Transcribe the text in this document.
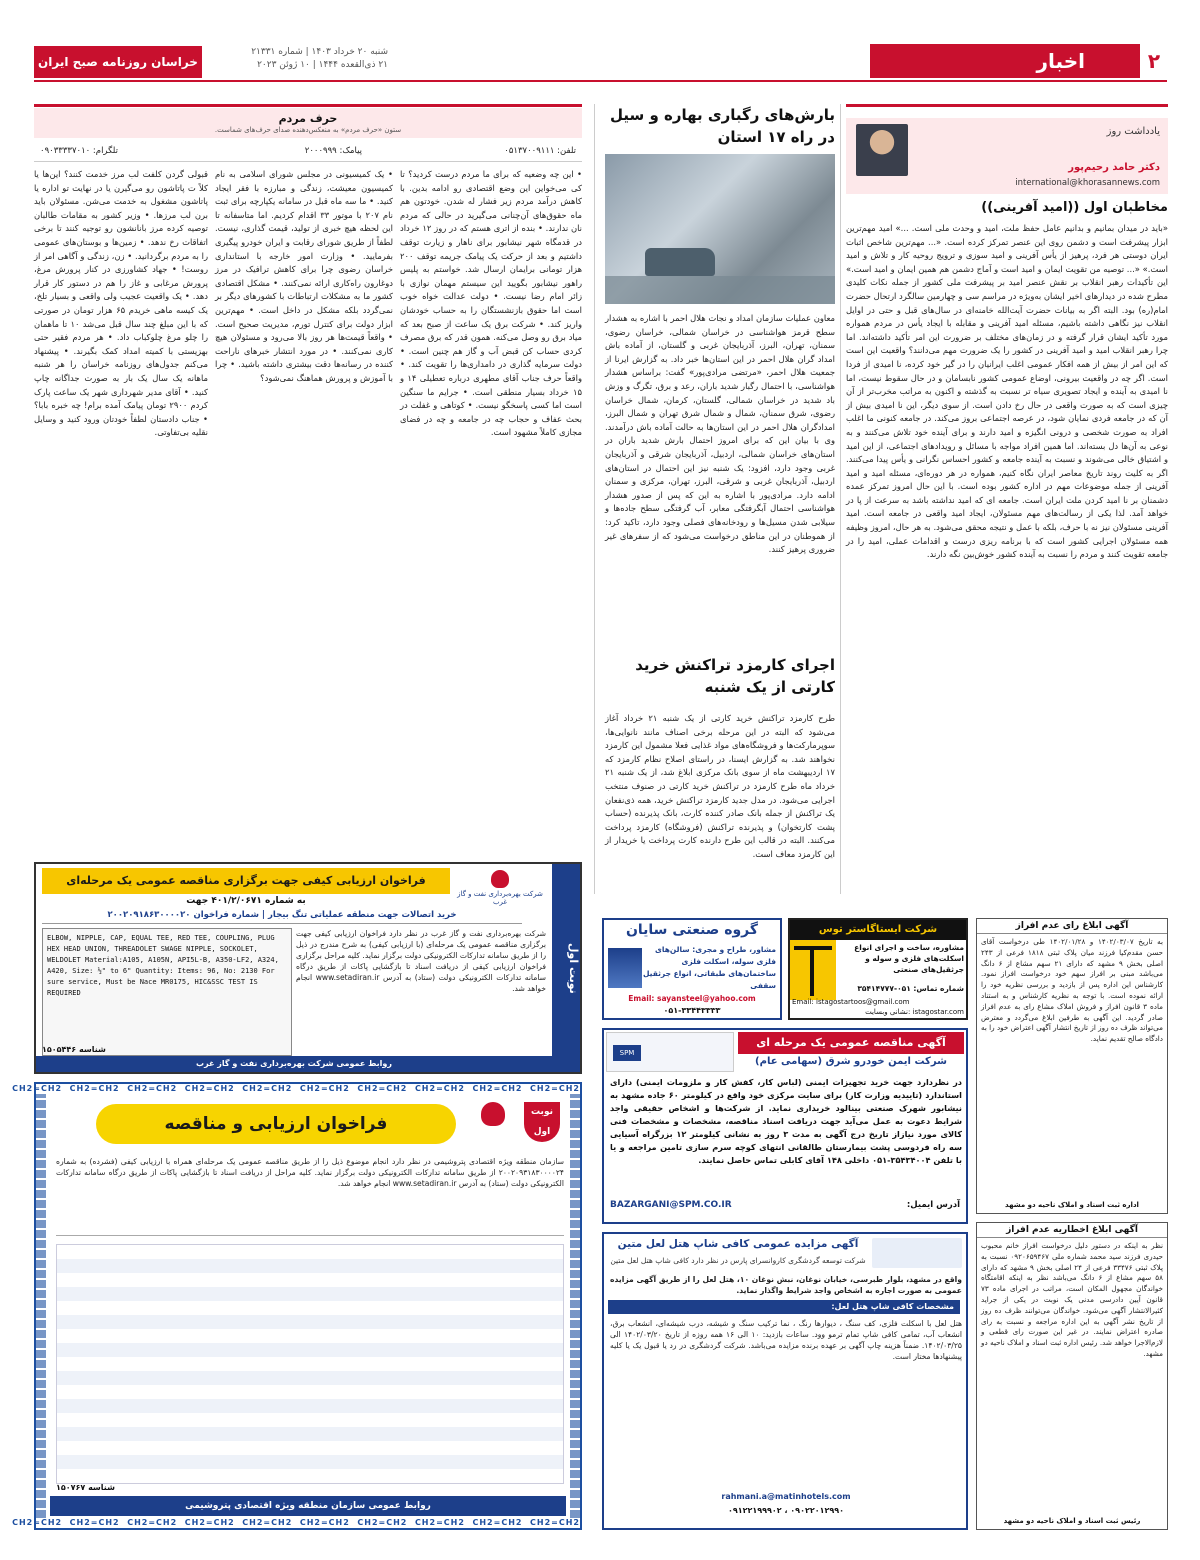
۲
اخبار
شنبه ۲۰ خرداد ۱۴۰۳ | شماره ۲۱۳۳۱
۲۱ ذی‌القعده ۱۴۴۴ | ۱۰ ژوئن ۲۰۲۳
خراسان روزنامه صبح ایران
یادداشت روز
دکتر حامد رحیم‌پور
international@khorasannews.com
مخاطبان اول ((امید آفرینی))
«باید در میدان بمانیم و بدانیم عامل حفظ ملت، امید و وحدت ملی است. ...» امید مهم‌ترین ابزار پیشرفت است و دشمن روی این عنصر تمرکز کرده است. «... مهم‌ترین شاخص اثبات ایران دوستی هر فرد، پرهیز از یأس آفرینی و امید سوزی و ترویج روحیه کار و تلاش و امید است.» «... توصیه من تقویت ایمان و امید است و آماج دشمن هم همین ایمان و امید است.» این تأکیدات رهبر انقلاب بر نقش عنصر امید بر پیشرفت ملی کشور از جمله نکات کلیدی مطرح شده در دیدارهای اخیر ایشان به‌ویژه در مراسم سی و چهارمین سالگرد ارتحال حضرت امام(ره) بود. البته اگر به بیانات حضرت آیت‌الله خامنه‌ای در سال‌های قبل و حتی در اوایل انقلاب نیز نگاهی داشته باشیم، مسئله امید آفرینی و مقابله با ایجاد یأس در مردم همواره مورد تأکید ایشان قرار گرفته و در زمان‌های مختلف بر ضرورت این امر تأکید داشته‌اند. اما چرا رهبر انقلاب امید و امید آفرینی در کشور را یک ضرورت مهم می‌دانند؟ واقعیت این است که این امر از بیش از همه افکار عمومی اغلب ایرانیان را در گیر خود کرده، نا امیدی از فردا است. اگر چه در واقعیت بیرونی، اوضاع عمومی کشور نابسامان و در حال سقوط نیست، اما نا امیدی به آینده و ایجاد تصویری سیاه تر نسبت به گذشته و اکنون به مراتب مخرب‌تر از آن چیزی است که به صورت واقعی در حال رخ دادن است. از سوی دیگر، این نا امیدی بیش از آن که در جامعه فردی نمایان شود، در عرصه اجتماعی بروز می‌کند. در جامعه کنونی ما اغلب افراد به صورت شخصی و درونی انگیزه و امید دارند و برای آینده خود تلاش می‌کنند و به نوعی به آن‌ها دل بسته‌اند. اما همین افراد مواجه با مسائل و رویدادهای اجتماعی، از این امید و اشتیاق خالی می‌شوند و نسبت به آینده جامعه و کشور احساس نگرانی و یأس پیدا می‌کنند. اگر به کلیت روند تاریخ معاصر ایران نگاه کنیم، همواره در هر دوره‌ای، مسئله امید و امید آفرینی از جمله موضوعات مهم در اداره کشور بوده است. با این حال امروز تمرکز عمده دشمنان بر نا امید کردن ملت ایران است. جامعه ای که امید نداشته باشد به سرعت از پا در خواهد آمد. لذا یکی از رسالت‌های مهم مسئولان، ایجاد امید واقعی در جامعه است. امید آفرینی مسئولان نیز نه با حرف، بلکه با عمل و نتیجه محقق می‌شود. به هر حال، امروز وظیفه همه مسئولان اجرایی کشور است که با برنامه ریزی درست و اقدامات عملی، امید را در جامعه تقویت کنند و مردم را نسبت به آینده کشور خوش‌بین نگه دارند.
بارش‌های رگباری بهاره و سیل در راه ۱۷ استان
معاون عملیات سازمان امداد و نجات هلال احمر با اشاره به هشدار سطح قرمز هواشناسی در خراسان شمالی، خراسان رضوی، سمنان، تهران، البرز، آذربایجان غربی و گلستان، از آماده باش امداد گران هلال احمر در این استان‌ها خبر داد. به گزارش ایرنا از جمعیت هلال احمر، «مرتضی مرادی‌پور» گفت: براساس هشدار هواشناسی، با احتمال رگبار شدید باران، رعد و برق، تگرگ و وزش باد شدید در خراسان شمالی، گلستان، کرمان، شمال خراسان رضوی، شرق سمنان، شمال و شمال شرق تهران و شمال البرز، امدادگران هلال احمر در این استان‌ها به حالت آماده باش درآمدند. وی با بیان این که برای امروز احتمال بارش شدید باران در استان‌های خراسان شمالی، اردبیل، آذربایجان شرقی و آذربایجان غربی وجود دارد، افزود: یک شنبه نیز این احتمال در استان‌های اردبیل، آذربایجان غربی و شرقی، البرز، تهران، مرکزی و سمنان ادامه دارد. مرادی‌پور با اشاره به این که پس از صدور هشدار هواشناسی احتمال آبگرفتگی معابر، آب گرفتگی سطح جاده‌ها و سیلابی شدن مسیل‌ها و رودخانه‌های فصلی وجود دارد، تاکید کرد: از هموطنان در این مناطق درخواست می‌شود که از سفرهای غیر ضروری پرهیز کنند.
اجرای کارمزد تراکنش خرید کارتی از یک شنبه
طرح کارمزد تراکنش خرید کارتی از یک شنبه ۲۱ خرداد آغاز می‌شود که البته در این مرحله برخی اصناف مانند نانوایی‌ها، سوپرمارکت‌ها و فروشگاه‌های مواد غذایی فعلا مشمول این کارمزد نخواهند شد. به گزارش ایسنا، در راستای اصلاح نظام کارمزد که ۱۷ اردیبهشت ماه از سوی بانک مرکزی ابلاغ شد، از یک شنبه ۲۱ خرداد ماه طرح کارمزد در تراکنش خرید کارتی در صنوف منتخب اجرایی می‌شود. در مدل جدید کارمزد تراکنش خرید، همه ذی‌نفعان یک تراکنش از جمله بانک صادر کننده کارت، بانک پذیرنده (حساب پشت کارتخوان) و پذیرنده تراکنش (فروشگاه) کارمزد پرداخت می‌کنند. البته در قالب این طرح دارنده کارت پرداخت یا خریدار از این کارمزد معاف است.
حرف مردم
ستون «حرف مردم» به منعکس‌دهنده صدای حرف‌های شماست.
تلفن: ۰۵۱۳۷۰۰۹۱۱۱
پیامک: ۲۰۰۰۹۹۹
تلگرام: ۰۹۰۳۳۳۳۷۰۱۰
• این چه وضعیه که برای ما مردم درست کردید؟ تا کی می‌خواین این وضع اقتصادی رو ادامه بدین. با کاهش درآمد مردم زیر فشار له شدن. خودتون هم ماه حقوق‌های آن‌چنانی می‌گیرید در حالی که مردم نان ندارند. • بنده از اتری هستم که در روز ۱۲ خرداد در قدمگاه شهر نیشابور برای ناهار و زیارت توقف داشتیم و بعد از حرکت یک پیامک جریمه توقف ۲۰۰ هزار تومانی برایمان ارسال شد. خواستم به پلیس راهور نیشابور بگویید این سیستم مهمان نوازی با زائر امام رضا نیست. • دولت عدالت خواه خوب است اما حقوق بازنشستگان را به حساب خودشان واریز کند. • شرکت برق یک ساعت از صبح بعد که میاد برق رو وصل می‌کنه. همون قدر که برق مصرف کردی حساب کن قبض آب و گاز هم چنین است. • دولت سرمایه گذاری در دامداری‌ها را تقویت کند. • واقعاً حرف جناب آقای مطهری درباره تعطیلی ۱۴ و ۱۵ خرداد بسیار منطقی است. • جرایم ما سنگین است اما کسی پاسخگو نیست. • کوتاهی و غفلت در بحث عفاف و حجاب چه در جامعه و چه در فضای مجازی کاملاً مشهود است.
• یک کمیسیونی در مجلس شورای اسلامی به نام کمیسیون معیشت، زندگی و مبارزه با فقر ایجاد کنید. • ما سه ماه قبل در سامانه یکپارچه برای ثبت نام ۲۰۷ با موتور ۳۳ اقدام کردیم. اما متاسفانه تا این لحظه هیچ خبری از تولید، قیمت گذاری، نیست. لطفاً از طریق شورای رقابت و ایران خودرو پیگیری بفرمایید. • وزارت امور خارجه با استانداری خراسان رضوی چرا برای کاهش ترافیک در مرز دوغارون راه‌کاری ارائه نمی‌کنند. • مشکل اقتصادی کشور ما به مشکلات ارتباطات با کشورهای دیگر بر نمی‌گردد بلکه مشکل در داخل است. • مهم‌ترین ابزار دولت برای کنترل تورم، مدیریت صحیح است. • واقعاً قیمت‌ها هر روز بالا می‌رود و مسئولان هیچ کاری نمی‌کنند. • در مورد انتشار خبرهای ناراحت کننده در رسانه‌ها دقت بیشتری داشته باشید. • چرا با آموزش و پرورش هماهنگ نمی‌شود؟
قبولی گردن کلفت لب مرز خدمت کنند؟ این‌ها یا کلاً ت پاتاشون رو می‌گیرن یا در نهایت تو اداره یا پاتاشون مشغول به خدمت می‌شن. مسئولان باید برن لب مرزها. • وزیر کشور به مقامات طالبان توصیه کرده مرز بانانشون رو توجیه کنند تا برخی اتفاقات رخ ندهد. • زمین‌ها و بوستان‌های عمومی را به مردم برگردانید. • زن، زندگی و آگاهی امر از روست! • جهاد کشاورزی در کنار پرورش مرغ، پرورش مرغابی و غاز را هم در دستور کار قرار دهد. • یک واقعیت عجیب ولی واقعی و بسیار تلخ، یک کیسه ماهی خریدم ۶۵ هزار تومان در صورتی که با این مبلغ چند سال قبل می‌شد ۱۰ تا ماهمان را چلو مرغ چلوکباب داد. • هر مردم فقیر حتی بهزیستی با کمیته امداد کمک بگیرند. • پیشنهاد می‌کنم جدول‌های روزنامه خراسان را هر شنبه ماهانه یک سال یک بار به صورت جداگانه چاپ کنید. • آقای مدیر شهرداری شهر یک ساعت پارک کردم ۲۹۰۰ تومان پیامک آمده برام! چه خبره بابا؟ • جناب دادستان لطفاً خودتان ورود کنید و وسایل نقلیه بی‌تفاوتی.
نوبت اول
فراخوان ارزیابی کیفی جهت برگزاری مناقصه عمومی یک مرحله‌ای
شرکت بهره‌برداری نفت و گاز غرب
به شماره ۴۰۱/۲/۰۶۷۱ جهت
خرید اتصالات جهت منطقه عملیاتی تنگ بیجار | شماره فراخوان ۲۰۰۲۰۹۱۸۶۳۰۰۰۰۲۰
شرکت بهره‌برداری نفت و گاز غرب در نظر دارد فراخوان ارزیابی کیفی جهت برگزاری مناقصه عمومی یک مرحله‌ای (با ارزیابی کیفی) به شرح مندرج در ذیل را از طریق سامانه تدارکات الکترونیکی دولت برگزار نماید. کلیه مراحل برگزاری فراخوان ارزیابی کیفی از دریافت اسناد تا بازگشایی پاکات از طریق درگاه سامانه تدارکات الکترونیکی دولت (ستاد) به آدرس www.setadiran.ir انجام خواهد شد.
ELBOW, NIPPLE, CAP, EQUAL TEE, RED TEE, COUPLING, PLUG HEX HEAD UNION, THREADOLET SWAGE NIPPLE, SOCKOLET, WELDOLET Material:A105, A105N, API5L-B, A350-LF2, A324, A420, Size: ½" to 6" Quantity: Items: 96, No: 2130 For sure service, Must be Nace MR0175, HIC&SSC TEST IS REQUIRED
روابط عمومی شرکت بهره‌برداری نفت و گاز غرب
شناسه ۱۵۰۵۴۴۶
CH2=CH2 CH2=CH2 CH2=CH2 CH2=CH2 CH2=CH2 CH2=CH2 CH2=CH2 CH2=CH2 CH2=CH2 CH2=CH2
CH2=CH2 CH2=CH2 CH2=CH2 CH2=CH2 CH2=CH2 CH2=CH2 CH2=CH2 CH2=CH2 CH2=CH2 CH2=CH2
نوبت اول
فراخوان ارزیابی و مناقصه
سازمان منطقه ویژه اقتصادی پتروشیمی در نظر دارد انجام موضوع ذیل را از طریق مناقصه عمومی یک مرحله‌ای همراه با ارزیابی کیفی (فشرده) به شماره ۲۰۰۲۰۹۳۱۸۳۰۰۰۰۲۴ از طریق سامانه تدارکات الکترونیکی دولت برگزار نماید. کلیه مراحل از دریافت اسناد تا بازگشایی پاکات از طریق درگاه سامانه تدارکات الکترونیکی دولت (ستاد) به آدرس www.setadiran.ir انجام خواهد شد.
روابط عمومی سازمان منطقه ویژه اقتصادی پتروشیمی
شناسه ۱۵۰۷۶۷
شرکت ایستاگاستر توس
مشاوره، ساخت و اجرای انواع اسکلت‌های فلزی و سوله و جرثقیل‌های صنعتی
شماره تماس: ۰۵۱-۳۵۴۱۴۷۷۷
Email: istagostartoos@gmail.com
istagostar.com :نشانی وبسایت
گروه صنعتی سایان
مشاور، طراح و مجری: سالن‌های فلزی سوله، اسکلت فلزی ساختمان‌های طبقاتی، انواع جرثقیل سقفی
Email: sayansteel@yahoo.com
۰۵۱-۳۳۴۴۳۳۳۳
آگهی مناقصه عمومی یک مرحله ای
SPM
شرکت ایمن خودرو شرق (سهامی عام)
در نظردارد جهت خرید تجهیزات ایمنی (لباس کار، کفش کار و ملزومات ایمنی) دارای استاندارد (تاییدیه وزارت کار) برای سایت مرکزی خود واقع در کیلومتر ۶۰ جاده مشهد به نیشابور شهرک صنعتی بینالود خریداری نماید. از شرکت‌ها و اشخاص حقیقی واجد شرایط دعوت به عمل می‌آید جهت دریافت اسناد مناقصه، مشخصات و مشخصات فنی کالای مورد نیازاز تاریخ درج آگهی به مدت ۳ روز به نشانی کیلومتر ۱۲ بزرگراه آسیایی سه راه فردوسی پشت بیمارستان طالقانی انتهای کوچه سرم سازی تامین مراجعه و یا با تلفن ۳۵۴۳۴۰۰۴-۰۵۱ داخلی ۱۴۸ آقای کابلی تماس حاصل نمایند.
آدرس ایمیل:
BAZARGANI@SPM.CO.IR
آگهی مزایده عمومی کافی شاپ هتل لعل متین
شرکت توسعه گردشگری کاروانسرای پارس در نظر دارد کافی شاپ هتل لعل متین
واقع در مشهد، بلوار طبرسی، خیابان نوغان، نبش نوغان ۱۰، هتل لعل را از طریق آگهی مزایده عمومی به صورت اجاره به اشخاص واجد شرایط واگذار نماید.
مشخصات کافی شاپ هتل لعل:
هتل لعل با اسکلت فلزی، کف سنگ ، دیوارها رنگ ، نما ترکیب سنگ و شیشه، درب شیشه‌ای، انشعاب برق، انشعاب آب، تمامی کافی شاپ تمام ترمو وود. ساعات بازدید: ۱۰ الی ۱۶ همه روزه از تاریخ ۱۴۰۲/۰۳/۲۰ الی ۱۴۰۲/۰۳/۲۵. ضمناً هزینه چاپ آگهی بر عهده برنده مزایده می‌باشد. شرکت گردشگری در رد یا قبول یک یا کلیه پیشنهادها مختار است.
rahmani.a@matinhotels.com
۰۹۰۲۲۰۱۲۹۹۰ ، ۰۹۱۲۲۱۹۹۹۰۲
آگهی ابلاغ رای عدم افراز
به تاریخ ۱۴۰۲/۰۳/۰۷ و ۱۴۰۲/۰۱/۲۸ طی درخواست آقای حسن مقدم‌کیا فرزند میان پلاک ثبتی ۱۸۱۸ فرعی از ۲۴۳ اصلی بخش ۹ مشهد که دارای ۲۱ سهم مشاع از ۶ دانگ می‌باشد مبنی بر افراز سهم خود درخواست افراز نمود. کارشناس این اداره پس از بازدید و بررسی نظریه خود را ارائه نموده است. با توجه به نظریه کارشناس و به استناد ماده ۳ قانون افراز و فروش املاک مشاع رای به عدم افراز صادر گردید. این آگهی به طرفین ابلاغ می‌گردد و معترض می‌تواند ظرف ده روز از تاریخ انتشار آگهی اعتراض خود را به دادگاه صالح تقدیم نماید.
اداره ثبت اسناد و املاک ناحیه دو مشهد
آگهی ابلاغ اخطاریه عدم افراز
نظر به اینکه در دستور دلیل درخواست افراز خانم محبوب حیدری فرزند سید محمد شماره ملی ۰۹۲۰۶۵۹۴۶۷ نسبت به پلاک ثبتی ۳۳۴۷۶ فرعی از ۲۴ اصلی بخش ۹ مشهد که دارای ۵۸ سهم مشاع از ۶ دانگ می‌باشد نظر به اینکه اقامتگاه خواندگان مجهول المکان است، مراتب در اجرای ماده ۷۳ قانون آیین دادرسی مدنی یک نوبت در یکی از جراید کثیرالانتشار آگهی می‌شود. خواندگان می‌توانند ظرف ده روز از تاریخ نشر آگهی به این اداره مراجعه و نسبت به رای صادره اعتراض نمایند. در غیر این صورت رای قطعی و لازم‌الاجرا خواهد شد. رئیس اداره ثبت اسناد و املاک ناحیه دو مشهد.
رئیس ثبت اسناد و املاک ناحیه دو مشهد
